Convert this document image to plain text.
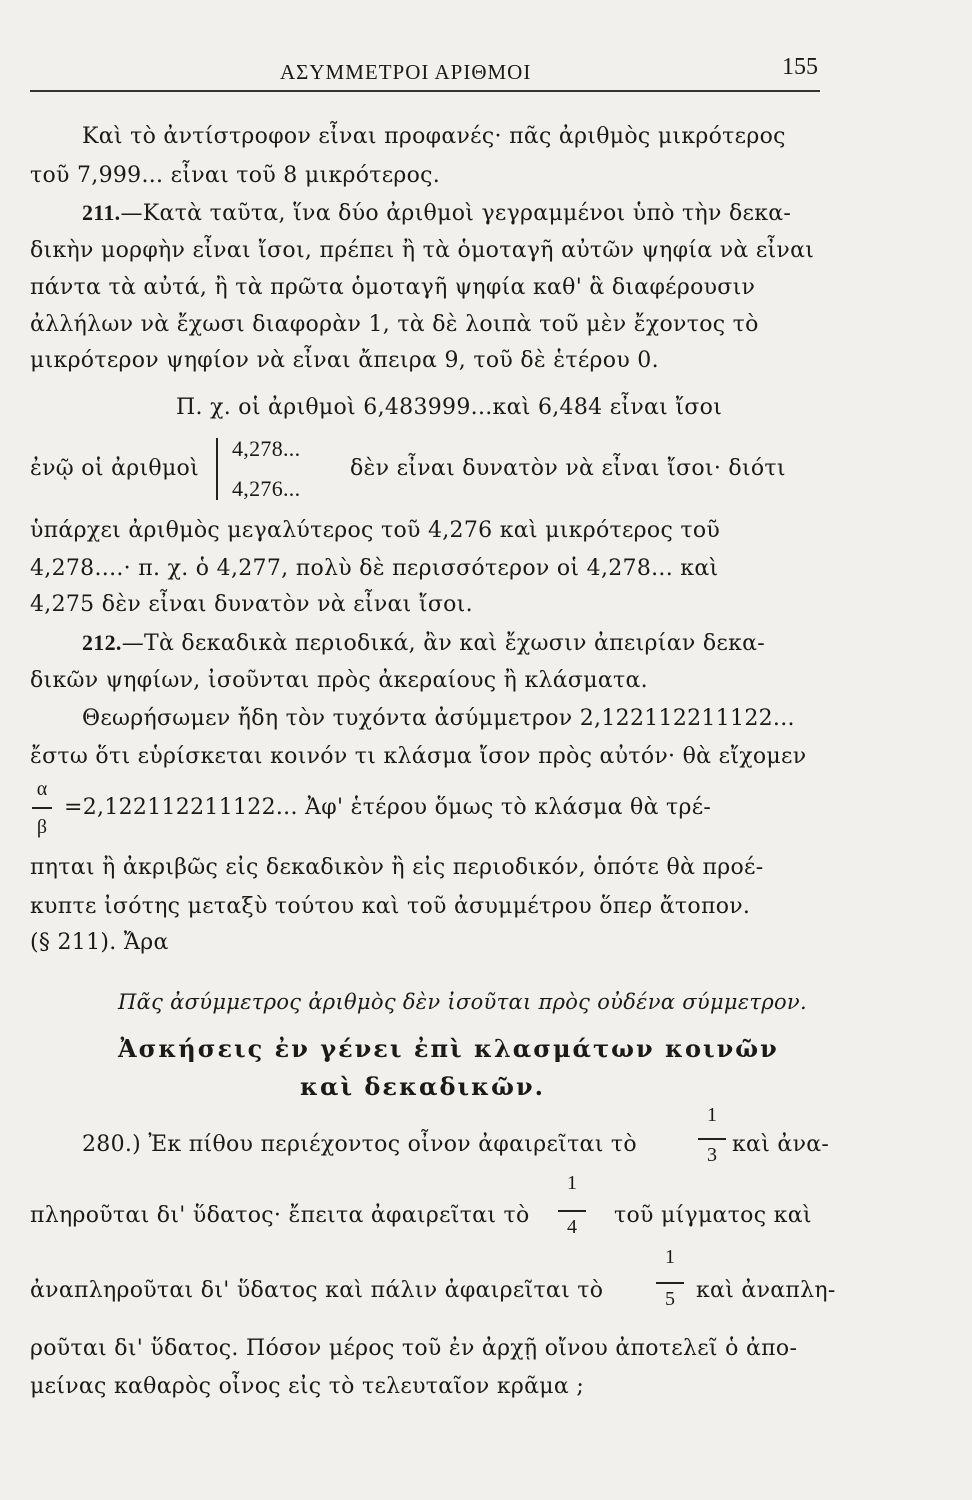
ΑΣΥΜΜΕΤΡΟΙ ΑΡΙΘΜΟΙ	155
Καὶ τὸ ἀντίστροφον εἶναι προφανές· πᾶς ἀριθμὸς μικρότερος
τοῦ 7,999... εἶναι τοῦ 8 μικρότερος.
211.—Κατὰ ταῦτα, ἵνα δύο ἀριθμοὶ γεγραμμένοι ὑπὸ τὴν δεκα-
δικὴν μορφὴν εἶναι ἴσοι, πρέπει ἢ τὰ ὁμοταγῆ αὐτῶν ψηφία νὰ εἶναι
πάντα τὰ αὐτά, ἢ τὰ πρῶτα ὁμοταγῆ ψηφία καθ' ἃ διαφέρουσιν
ἀλλήλων νὰ ἔχωσι διαφορὰν 1, τὰ δὲ λοιπὰ τοῦ μὲν ἔχοντος τὸ
μικρότερον ψηφίον νὰ εἶναι ἄπειρα 9, τοῦ δὲ ἑτέρου 0.
Π. χ. οἱ ἀριθμοὶ 6,483999...καὶ 6,484 εἶναι ἴσοι
ἐνῷ οἱ ἀριθμοὶ
4,278...
4,276...
δὲν εἶναι δυνατὸν νὰ εἶναι ἴσοι· διότι
ὑπάρχει ἀριθμὸς μεγαλύτερος τοῦ 4,276 καὶ μικρότερος τοῦ
4,278....· π. χ. ὁ 4,277, πολὺ δὲ περισσότερον οἱ 4,278... καὶ
4,275 δὲν εἶναι δυνατὸν νὰ εἶναι ἴσοι.
212.—Τὰ δεκαδικὰ περιοδικά, ἂν καὶ ἔχωσιν ἀπειρίαν δεκα-
δικῶν ψηφίων, ἰσοῦνται πρὸς ἀκεραίους ἢ κλάσματα.
Θεωρήσωμεν ἤδη τὸν τυχόντα ἀσύμμετρον 2,122112211122...
ἔστω ὅτι εὑρίσκεται κοινόν τι κλάσμα ἴσον πρὸς αὐτόν· θὰ εἴχομεν
α
β
=2,122112211122... Ἀφ' ἑτέρου ὅμως τὸ κλάσμα θὰ τρέ-
πηται ἢ ἀκριβῶς εἰς δεκαδικὸν ἢ εἰς περιοδικόν, ὁπότε θὰ προέ-
κυπτε ἰσότης μεταξὺ τούτου καὶ τοῦ ἀσυμμέτρου ὅπερ ἄτοπον.
(§ 211). Ἄρα
Πᾶς ἀσύμμετρος ἀριθμὸς δὲν ἰσοῦται πρὸς οὐδένα σύμμετρον.
Ἀσκήσεις ἐν γένει ἐπὶ κλασμάτων κοινῶν
καὶ δεκαδικῶν.
280.) Ἐκ πίθου περιέχοντος οἶνον ἀφαιρεῖται τὸ
1
3 καὶ ἀνα-
πληροῦται δι' ὕδατος· ἔπειτα ἀφαιρεῖται τὸ
1
4	τοῦ μίγματος καὶ
ἀναπληροῦται δι' ὕδατος καὶ πάλιν ἀφαιρεῖται τὸ
1
5 καὶ ἀναπλη-
ροῦται δι' ὕδατος. Πόσον μέρος τοῦ ἐν ἀρχῇ οἴνου ἀποτελεῖ ὁ ἀπο-
μείνας καθαρὸς οἶνος εἰς τὸ τελευταῖον κρᾶμα ;
